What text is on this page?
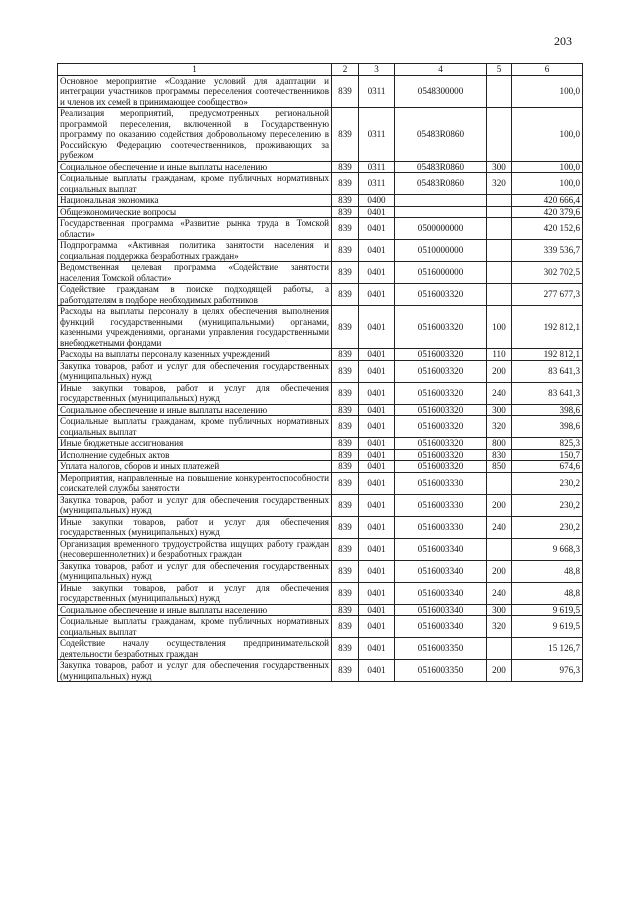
203
1	2	3	4	5	6
Основное мероприятие «Создание условий для адаптации и интеграции участников программы переселения соотечественников и членов их семей в принимающее сообщество»	839	0311	0548300000		100,0
Реализация мероприятий, предусмотренных региональной программой переселения, включенной в Государственную программу по оказанию содействия добровольному переселению в Российскую Федерацию соотечественников, проживающих за рубежом	839	0311	05483R0860		100,0
Социальное обеспечение и иные выплаты населению	839	0311	05483R0860	300	100,0
Социальные выплаты гражданам, кроме публичных нормативных социальных выплат	839	0311	05483R0860	320	100,0
Национальная экономика	839	0400			420 666,4
Общеэкономические вопросы	839	0401			420 379,6
Государственная программа «Развитие рынка труда в Томской области»	839	0401	0500000000		420 152,6
Подпрограмма «Активная политика занятости населения и социальная поддержка безработных граждан»	839	0401	0510000000		339 536,7
Ведомственная целевая программа «Содействие занятости населения Томской области»	839	0401	0516000000		302 702,5
Содействие гражданам в поиске подходящей работы, а работодателям в подборе необходимых работников	839	0401	0516003320		277 677,3
Расходы на выплаты персоналу в целях обеспечения выполнения функций государственными (муниципальными) органами, казенными учреждениями, органами управления государственными внебюджетными фондами	839	0401	0516003320	100	192 812,1
Расходы на выплаты персоналу казенных учреждений	839	0401	0516003320	110	192 812,1
Закупка товаров, работ и услуг для обеспечения государственных (муниципальных) нужд	839	0401	0516003320	200	83 641,3
Иные закупки товаров, работ и услуг для обеспечения государственных (муниципальных) нужд	839	0401	0516003320	240	83 641,3
Социальное обеспечение и иные выплаты населению	839	0401	0516003320	300	398,6
Социальные выплаты гражданам, кроме публичных нормативных социальных выплат	839	0401	0516003320	320	398,6
Иные бюджетные ассигнования	839	0401	0516003320	800	825,3
Исполнение судебных актов	839	0401	0516003320	830	150,7
Уплата налогов, сборов и иных платежей	839	0401	0516003320	850	674,6
Мероприятия, направленные на повышение конкурентоспособности соискателей службы занятости	839	0401	0516003330		230,2
Закупка товаров, работ и услуг для обеспечения государственных (муниципальных) нужд	839	0401	0516003330	200	230,2
Иные закупки товаров, работ и услуг для обеспечения государственных (муниципальных) нужд	839	0401	0516003330	240	230,2
Организация временного трудоустройства ищущих работу граждан (несовершеннолетних) и безработных граждан	839	0401	0516003340		9 668,3
Закупка товаров, работ и услуг для обеспечения государственных (муниципальных) нужд	839	0401	0516003340	200	48,8
Иные закупки товаров, работ и услуг для обеспечения государственных (муниципальных) нужд	839	0401	0516003340	240	48,8
Социальное обеспечение и иные выплаты населению	839	0401	0516003340	300	9 619,5
Социальные выплаты гражданам, кроме публичных нормативных социальных выплат	839	0401	0516003340	320	9 619,5
Содействие началу осуществления предпринимательской деятельности безработных граждан	839	0401	0516003350		15 126,7
Закупка товаров, работ и услуг для обеспечения государственных (муниципальных) нужд	839	0401	0516003350	200	976,3
